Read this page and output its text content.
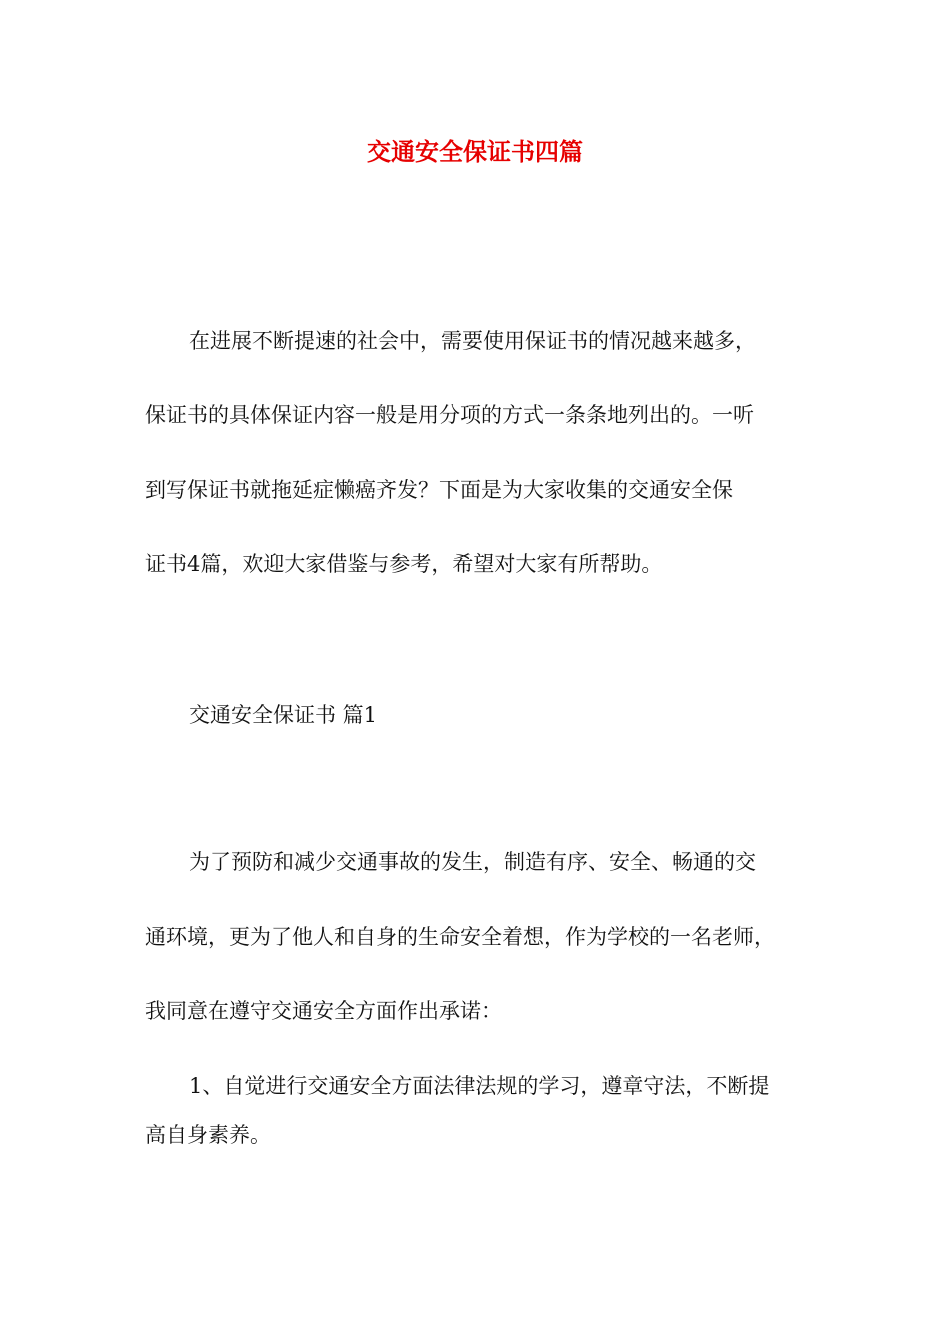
交通安全保证书四篇
在进展不断提速的社会中，需要使用保证书的情况越来越多，
保证书的具体保证内容一般是用分项的方式一条条地列出的。一听
到写保证书就拖延症懒癌齐发？下面是为大家收集的交通安全保
证书4篇，欢迎大家借鉴与参考，希望对大家有所帮助。
交通安全保证书 篇1
为了预防和减少交通事故的发生，制造有序、安全、畅通的交
通环境，更为了他人和自身的生命安全着想，作为学校的一名老师，
我同意在遵守交通安全方面作出承诺：
1、自觉进行交通安全方面法律法规的学习，遵章守法，不断提
高自身素养。
